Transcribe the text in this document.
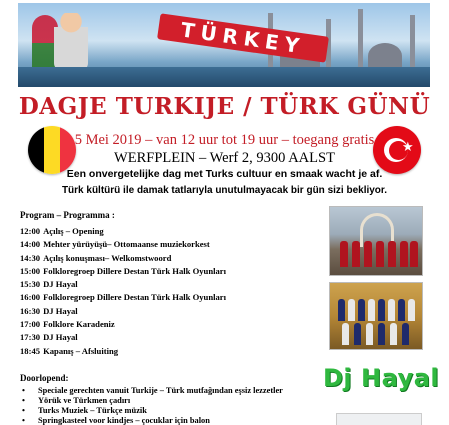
TÜRKEY
DAGJE TURKIJE / TÜRK GÜNÜ
★
5 Mei 2019 – van 12 uur tot 19 uur – toegang gratis
WERFPLEIN – Werf 2, 9300 AALST
Een onvergetelijke dag met Turks cultuur en smaak wacht je af.
Türk kültürü ile damak tatlarıyla unutulmayacak bir gün sizi bekliyor.
Program – Programma :
12:00 Açılış – Opening
14:00 Mehter yürüyüşü– Ottomaanse muziekorkest
14:30 Açılış konuşması– Welkomstwoord
15:00 Folkloregroep Dillere Destan Türk Halk Oyunları
15:30 DJ Hayal
16:00 Folkloregroep Dillere Destan Türk Halk Oyunları
16:30 DJ Hayal
17:00 Folklore Karadeniz
17:30 DJ Hayal
18:45 Kapanış – Afsluiting
Doorlopend:
• Speciale gerechten vanuit Turkije – Türk mutfağından eşsiz lezzetler
• Yörük ve Türkmen çadırı
• Turks Muziek – Türkçe müzik
• Springkasteel voor kindjes – çocuklar için balon
Dj Hayal
